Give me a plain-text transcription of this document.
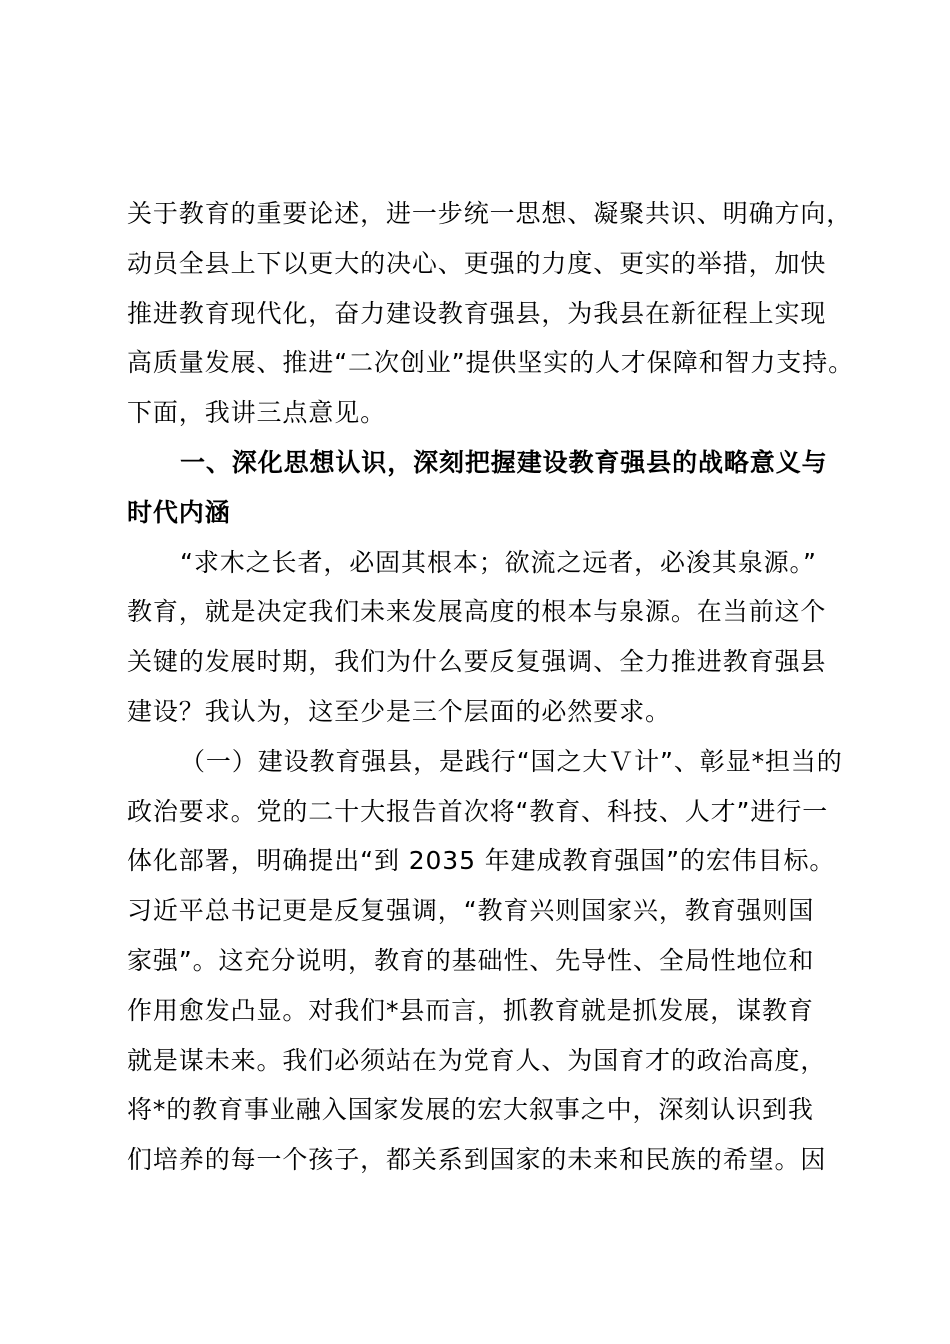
关于教育的重要论述，进一步统一思想、凝聚共识、明确方向，
动员全县上下以更大的决心、更强的力度、更实的举措，加快
推进教育现代化，奋力建设教育强县，为我县在新征程上实现
高质量发展、推进“二次创业”提供坚实的人才保障和智力支持。
下面，我讲三点意见。
一、深化思想认识，深刻把握建设教育强县的战略意义与
时代内涵
“求木之长者，必固其根本；欲流之远者，必浚其泉源。”
教育，就是决定我们未来发展高度的根本与泉源。在当前这个
关键的发展时期，我们为什么要反复强调、全力推进教育强县
建设？我认为，这至少是三个层面的必然要求。
（一）建设教育强县，是践行“国之大Ｖ计”、彰显*担当的
政治要求。党的二十大报告首次将“教育、科技、人才”进行一
体化部署，明确提出“到 2035 年建成教育强国”的宏伟目标。
习近平总书记更是反复强调，“教育兴则国家兴，教育强则国
家强”。这充分说明，教育的基础性、先导性、全局性地位和
作用愈发凸显。对我们*县而言，抓教育就是抓发展，谋教育
就是谋未来。我们必须站在为党育人、为国育才的政治高度，
将*的教育事业融入国家发展的宏大叙事之中，深刻认识到我
们培养的每一个孩子，都关系到国家的未来和民族的希望。因
